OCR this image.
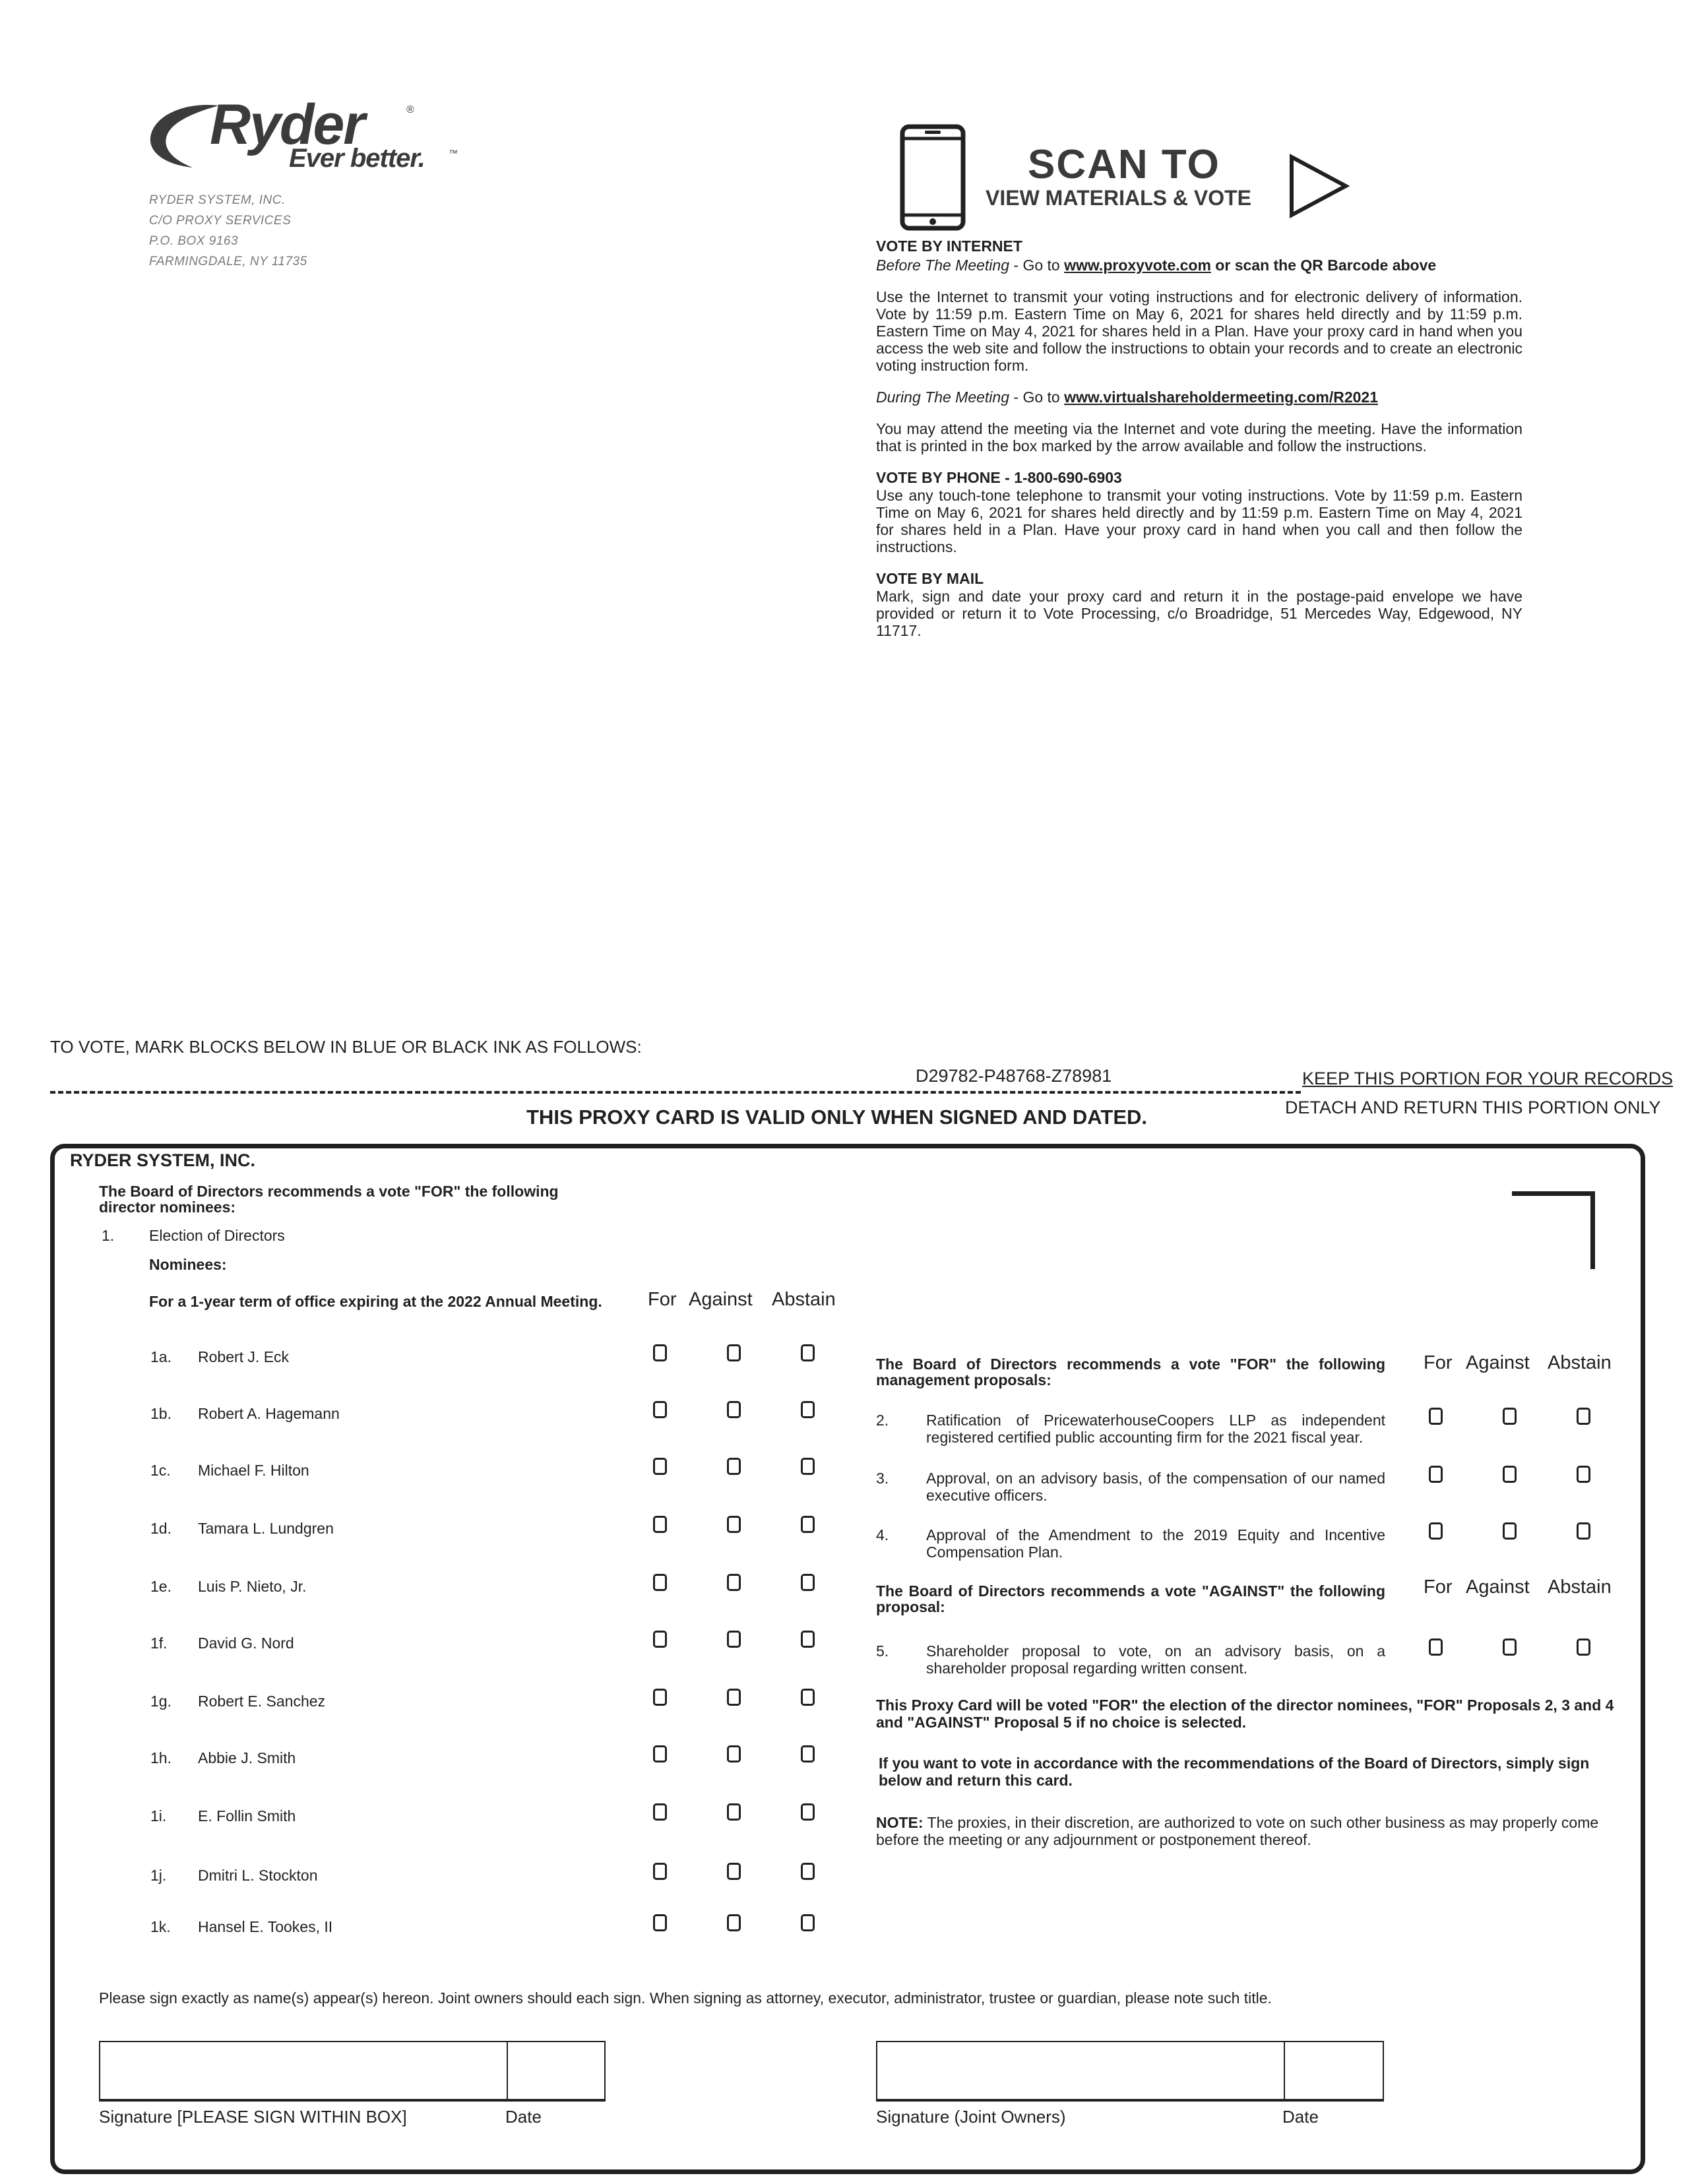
Ryder	®
Ever better.	™
RYDER SYSTEM, INC.
C/O PROXY SERVICES
P.O. BOX 9163
FARMINGDALE, NY 11735
SCAN TO
VIEW MATERIALS & VOTE
VOTE BY INTERNET
Before The Meeting - Go to www.proxyvote.com or scan the QR Barcode above
Use the Internet to transmit your voting instructions and for electronic delivery of information. Vote by 11:59 p.m. Eastern Time on May 6, 2021 for shares held directly and by 11:59 p.m. Eastern Time on May 4, 2021 for shares held in a Plan. Have your proxy card in hand when you access the web site and follow the instructions to obtain your records and to create an electronic voting instruction form.
During The Meeting - Go to www.virtualshareholdermeeting.com/R2021
You may attend the meeting via the Internet and vote during the meeting. Have the information that is printed in the box marked by the arrow available and follow the instructions.
VOTE BY PHONE - 1-800-690-6903
Use any touch-tone telephone to transmit your voting instructions. Vote by 11:59 p.m. Eastern Time on May 6, 2021 for shares held directly and by 11:59 p.m. Eastern Time on May 4, 2021 for shares held in a Plan. Have your proxy card in hand when you call and then follow the instructions.
VOTE BY MAIL
Mark, sign and date your proxy card and return it in the postage-paid envelope we have provided or return it to Vote Processing, c/o Broadridge, 51 Mercedes Way, Edgewood, NY 11717.
TO VOTE, MARK BLOCKS BELOW IN BLUE OR BLACK INK AS FOLLOWS:
D29782-P48768-Z78981	KEEP THIS PORTION FOR YOUR RECORDS
THIS PROXY CARD IS VALID ONLY WHEN SIGNED AND DATED.	DETACH AND RETURN THIS PORTION ONLY
RYDER SYSTEM, INC.
The Board of Directors recommends a vote "FOR" the following director nominees:
1. Election of Directors
Nominees:
For a 1-year term of office expiring at the 2022 Annual Meeting. For Against Abstain
1a. Robert J. Eck
1b. Robert A. Hagemann
1c. Michael F. Hilton
1d. Tamara L. Lundgren
1e. Luis P. Nieto, Jr.
1f. David G. Nord
1g. Robert E. Sanchez
1h. Abbie J. Smith
1i. E. Follin Smith
1j. Dmitri L. Stockton
1k. Hansel E. Tookes, II
The Board of Directors recommends a vote "FOR" the following management proposals:
For Against Abstain
2. Ratification of PricewaterhouseCoopers LLP as independent registered certified public accounting firm for the 2021 fiscal year.
3. Approval, on an advisory basis, of the compensation of our named executive officers.
4. Approval of the Amendment to the 2019 Equity and Incentive Compensation Plan.
The Board of Directors recommends a vote "AGAINST" the following proposal:
For Against Abstain
5. Shareholder proposal to vote, on an advisory basis, on a shareholder proposal regarding written consent.
This Proxy Card will be voted "FOR" the election of the director nominees, "FOR" Proposals 2, 3 and 4 and "AGAINST" Proposal 5 if no choice is selected.
If you want to vote in accordance with the recommendations of the Board of Directors, simply sign below and return this card.
NOTE: The proxies, in their discretion, are authorized to vote on such other business as may properly come before the meeting or any adjournment or postponement thereof.
Please sign exactly as name(s) appear(s) hereon. Joint owners should each sign. When signing as attorney, executor, administrator, trustee or guardian, please note such title.
Signature [PLEASE SIGN WITHIN BOX]	Date	Signature (Joint Owners)	Date
